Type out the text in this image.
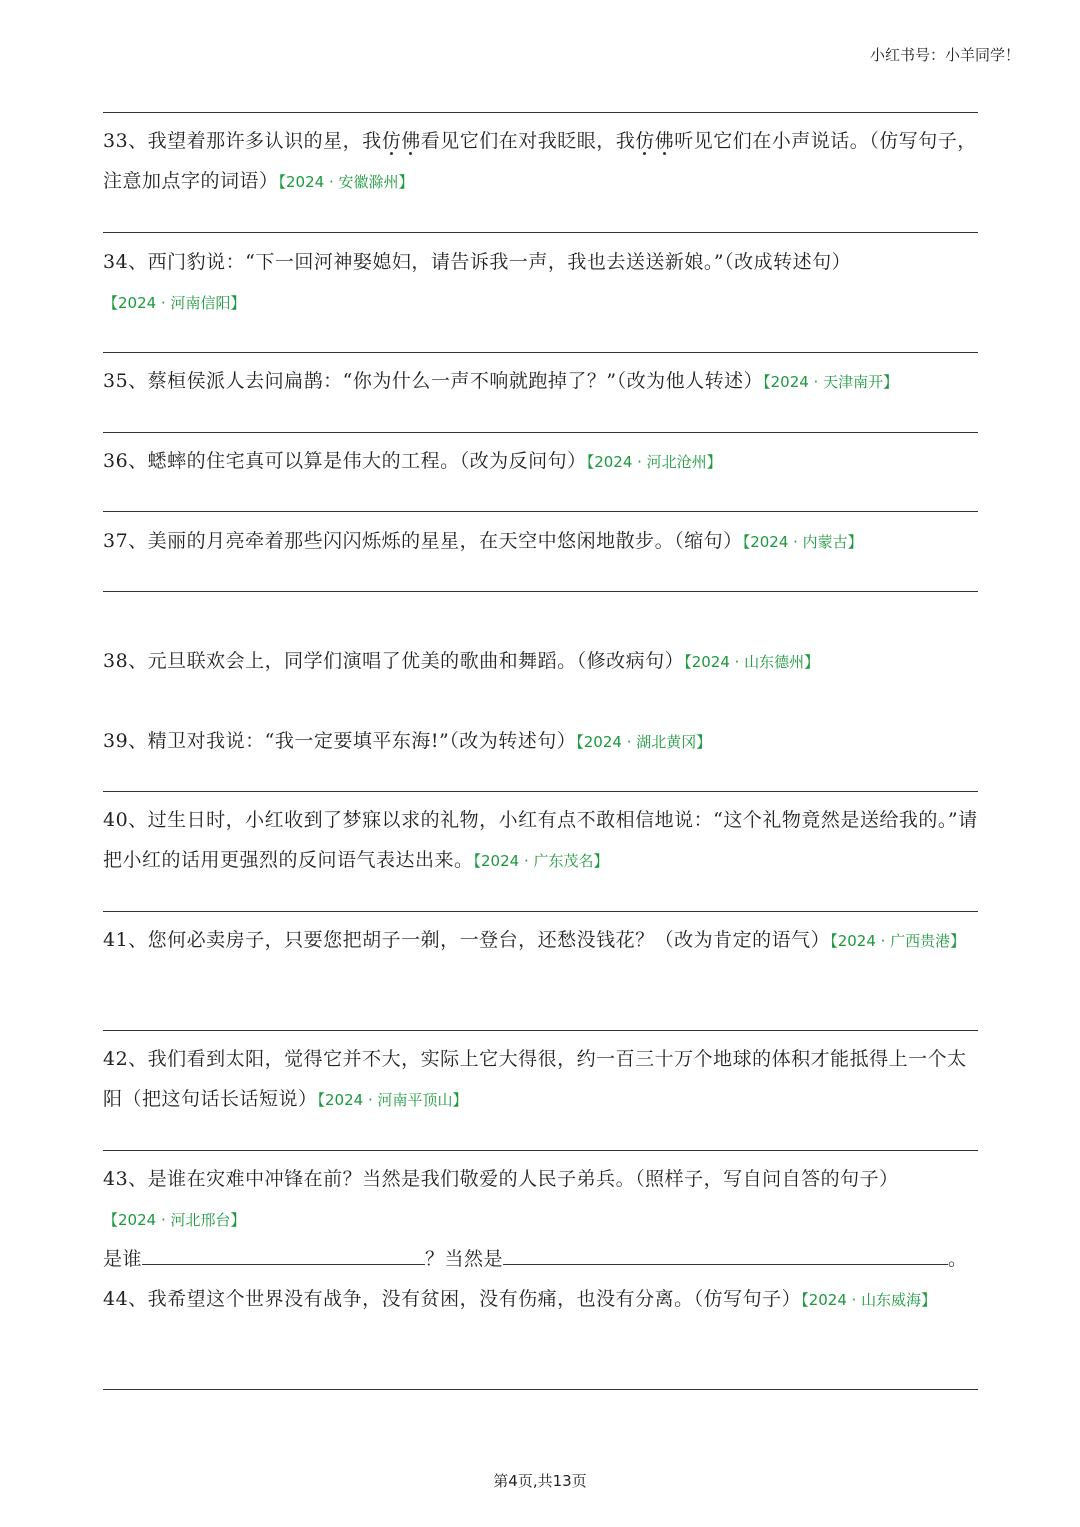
小红书号：小羊同学！
33、我望着那许多认识的星，我仿佛看见它们在对我眨眼，我仿佛听见它们在小声说话。（仿写句子，注意加点字的词语）【2024 · 安徽滁州】
34、西门豹说：“下一回河神娶媳妇，请告诉我一声，我也去送送新娘。”（改成转述句）【2024 · 河南信阳】
35、蔡桓侯派人去问扁鹊：“你为什么一声不响就跑掉了？”（改为他人转述）【2024 · 天津南开】
36、蟋蟀的住宅真可以算是伟大的工程。（改为反问句）【2024 · 河北沧州】
37、美丽的月亮牵着那些闪闪烁烁的星星，在天空中悠闲地散步。（缩句）【2024 · 内蒙古】
38、元旦联欢会上，同学们演唱了优美的歌曲和舞蹈。（修改病句）【2024 · 山东德州】
39、精卫对我说：“我一定要填平东海!”（改为转述句）【2024 · 湖北黄冈】
40、过生日时，小红收到了梦寐以求的礼物，小红有点不敢相信地说：“这个礼物竟然是送给我的。”请把小红的话用更强烈的反问语气表达出来。【2024 · 广东茂名】
41、您何必卖房子，只要您把胡子一剃，一登台，还愁没钱花？（改为肯定的语气）【2024 · 广西贵港】
42、我们看到太阳，觉得它并不大，实际上它大得很，约一百三十万个地球的体积才能抵得上一个太阳（把这句话长话短说）【2024 · 河南平顶山】
43、是谁在灾难中冲锋在前？当然是我们敬爱的人民子弟兵。（照样子，写自问自答的句子）
【2024 · 河北邢台】
是谁	？当然是	。
44、我希望这个世界没有战争，没有贫困，没有伤痛，也没有分离。（仿写句子）【2024 · 山东威海】
第4页,共13页
